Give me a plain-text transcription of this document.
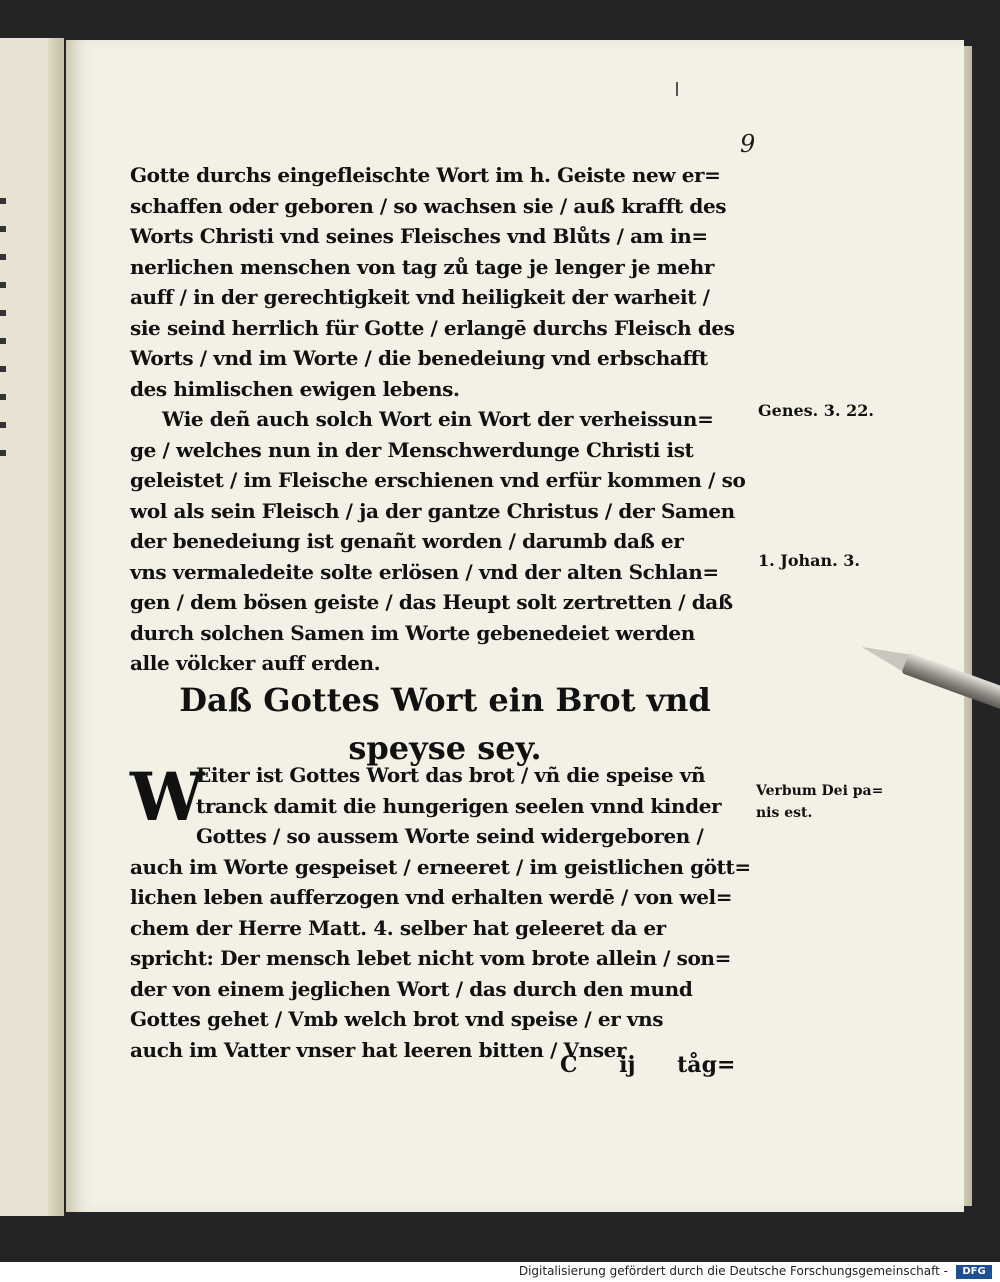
9
Gotte durchs eingefleischte Wort im h. Geiste new er=
schaffen oder geboren / so wachsen sie / auß krafft des
Worts Christi vnd seines Fleisches vnd Blůts / am in=
nerlichen menschen von tag zů tage je lenger je mehr
auff / in der gerechtigkeit vnd heiligkeit der warheit /
sie seind herrlich für Gotte / erlangē durchs Fleisch des
Worts / vnd im Worte / die benedeiung vnd erbschafft
des himlischen ewigen lebens.
Wie deñ auch solch Wort ein Wort der verheissun=
ge / welches nun in der Menschwerdunge Christi ist
geleistet / im Fleische erschienen vnd erfür kommen / so
wol als sein Fleisch / ja der gantze Christus / der Samen
der benedeiung ist genañt worden / darumb daß er
vns vermaledeite solte erlösen / vnd der alten Schlan=
gen / dem bösen geiste / das Heupt solt zertretten / daß
durch solchen Samen im Worte gebenedeiet werden
alle völcker auff erden.
Genes. 3. 22.
1. Johan. 3.
Daß Gottes Wort ein Brot vnd
speyse sey.
W
Eiter ist Gottes Wort das brot / vñ die speise vñ
tranck damit die hungerigen seelen vnnd kinder
Gottes / so aussem Worte seind widergeboren /
auch im Worte gespeiset / erneeret / im geistlichen gött=
lichen leben aufferzogen vnd erhalten werdē / von wel=
chem der Herre Matt. 4. selber hat geleeret da er
spricht: Der mensch lebet nicht vom brote allein / son=
der von einem jeglichen Wort / das durch den mund
Gottes gehet / Vmb welch brot vnd speise / er vns
auch im Vatter vnser hat leeren bitten / Vnser
Verbum Dei pa=
nis est.
C ij tåg=
Digitalisierung gefördert durch die Deutsche Forschungsgemeinschaft -	DFG
